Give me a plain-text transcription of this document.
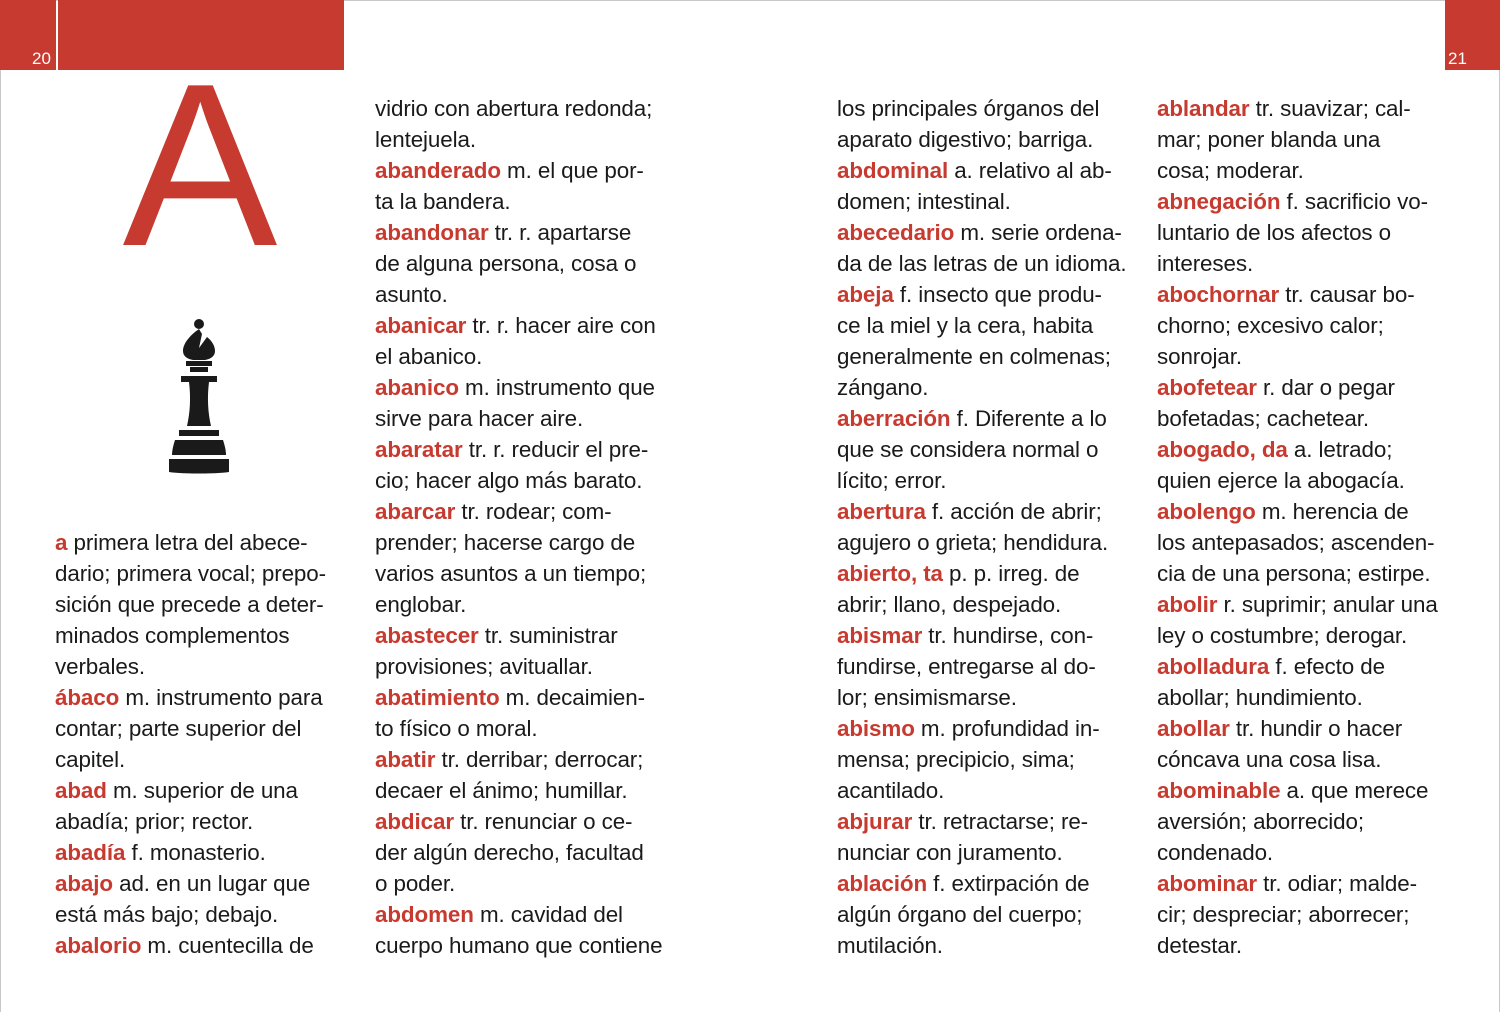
20	21
A

a primera letra del abece-

dario; primera vocal; prepo-

sición que precede a deter-

minados complementos

verbales.

ábaco m. instrumento para

contar; parte superior del

capitel.

abad m. superior de una

abadía; prior; rector.

abadía f. monasterio.

abajo ad. en un lugar que

está más bajo; debajo.

abalorio m. cuentecilla de

vidrio con abertura redonda;

lentejuela.

abanderado m. el que por-

ta la bandera.

abandonar tr. r. apartarse

de alguna persona, cosa o

asunto.

abanicar tr. r. hacer aire con

el abanico.

abanico m. instrumento que

sirve para hacer aire.

abaratar tr. r. reducir el pre-

cio; hacer algo más barato.

abarcar tr. rodear; com-

prender; hacerse cargo de

varios asuntos a un tiempo;

englobar.

abastecer tr. suministrar

provisiones; avituallar.

abatimiento m. decaimien-

to físico o moral.

abatir tr. derribar; derrocar;

decaer el ánimo; humillar.

abdicar tr. renunciar o ce-

der algún derecho, facultad

o poder.

abdomen m. cavidad del

cuerpo humano que contiene

los principales órganos del

aparato digestivo; barriga.

abdominal a. relativo al ab-

domen; intestinal.

abecedario m. serie ordena-

da de las letras de un idioma.

abeja f. insecto que produ-

ce la miel y la cera, habita

generalmente en colmenas;

zángano.

aberración f. Diferente a lo

que se considera normal o

lícito; error.

abertura f. acción de abrir;

agujero o grieta; hendidura.

abierto, ta p. p. irreg. de

abrir; llano, despejado.

abismar tr. hundirse, con-

fundirse, entregarse al do-

lor; ensimismarse.

abismo m. profundidad in-

mensa; precipicio, sima;

acantilado.

abjurar tr. retractarse; re-

nunciar con juramento.

ablación f. extirpación de

algún órgano del cuerpo;

mutilación.

ablandar tr. suavizar; cal-

mar; poner blanda una

cosa; moderar.

abnegación f. sacrificio vo-

luntario de los afectos o

intereses.

abochornar tr. causar bo-

chorno; excesivo calor;

sonrojar.

abofetear r. dar o pegar

bofetadas; cachetear.

abogado, da a. letrado;

quien ejerce la abogacía.

abolengo m. herencia de

los antepasados; ascenden-

cia de una persona; estirpe.

abolir r. suprimir; anular una

ley o costumbre; derogar.

abolladura f. efecto de

abollar; hundimiento.

abollar tr. hundir o hacer

cóncava una cosa lisa.

abominable a. que merece

aversión; aborrecido;

condenado.

abominar tr. odiar; malde-

cir; despreciar; aborrecer;

detestar.
